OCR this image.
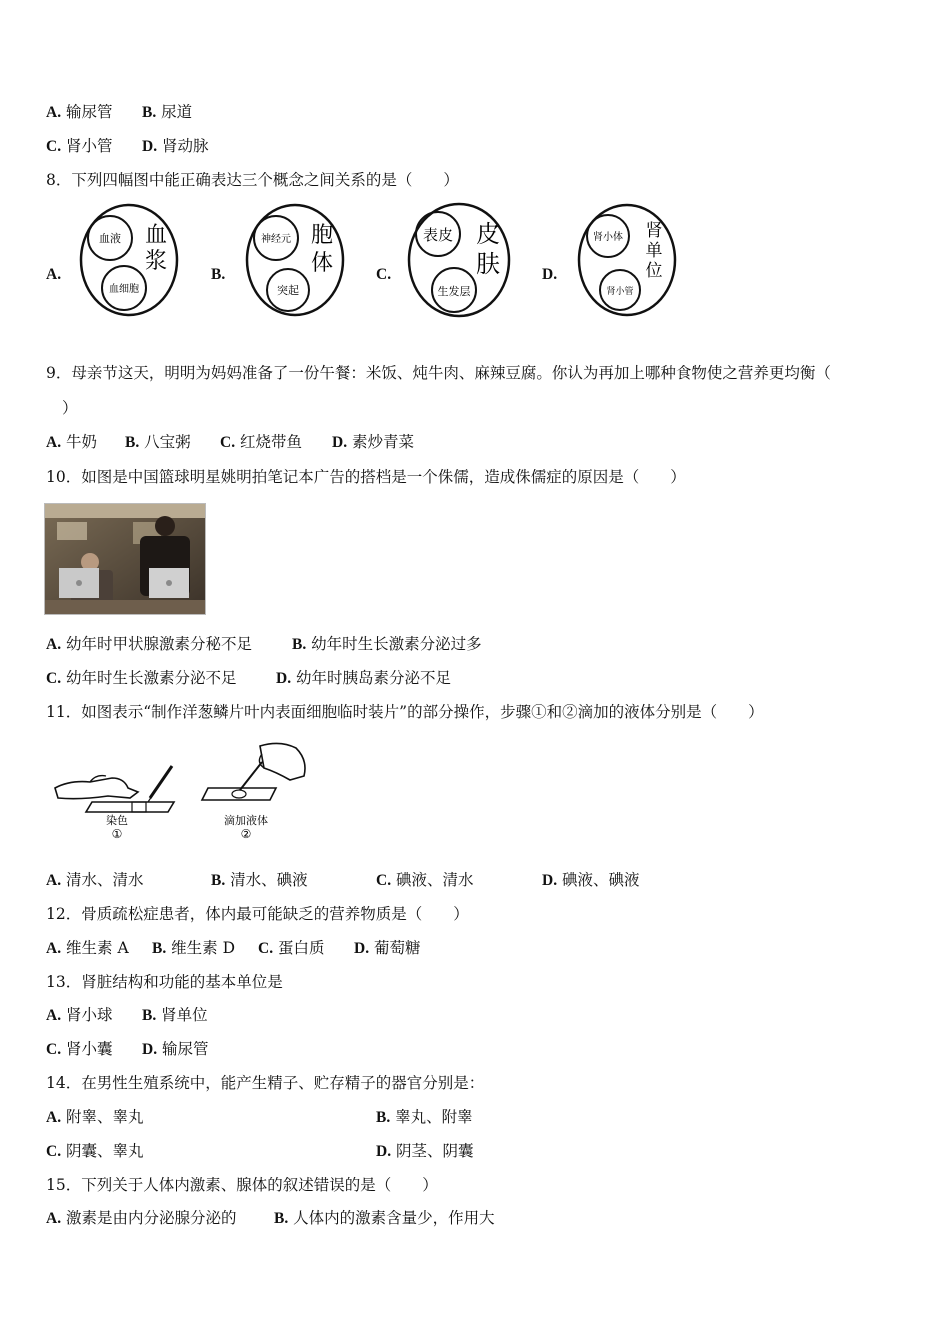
A. 输尿管 B. 尿道
C. 肾小管 D. 肾动脉
8．下列四幅图中能正确表达三个概念之间关系的是（　　）
A.
血液
血细胞
血
浆
B.
神经元
突起
胞
体	C.
表皮
生发层
皮
肤	D.
肾小体
肾小管
肾
单
位
9．母亲节这天，明明为妈妈准备了一份午餐：米饭、炖牛肉、麻辣豆腐。你认为再加上哪种食物使之营养更均衡（
）
A. 牛奶 B. 八宝粥 C. 红烧带鱼 D. 素炒青菜
10．如图是中国篮球明星姚明拍笔记本广告的搭档是一个侏儒，造成侏儒症的原因是（　　）
A. 幼年时甲状腺激素分秘不足	B. 幼年时生长激素分泌过多
C. 幼年时生长激素分泌不足	D. 幼年时胰岛素分泌不足
11．如图表示“制作洋葱鳞片叶内表面细胞临时装片”的部分操作，步骤①和②滴加的液体分别是（　　）
染色
①
滴加液体
②
A. 清水、清水	B. 清水、碘液	C. 碘液、清水	D. 碘液、碘液
12．骨质疏松症患者，体内最可能缺乏的营养物质是（　　）
A. 维生素 A B. 维生素 D C. 蛋白质 D. 葡萄糖
13．肾脏结构和功能的基本单位是
A. 肾小球 B. 肾单位
C. 肾小囊 D. 输尿管
14．在男性生殖系统中，能产生精子、贮存精子的器官分别是：
A. 附睾、睾丸	B. 睾丸、附睾
C. 阴囊、睾丸	D. 阴茎、阴囊
15．下列关于人体内激素、腺体的叙述错误的是（　　）
A. 激素是由内分泌腺分泌的 B. 人体内的激素含量少，作用大
